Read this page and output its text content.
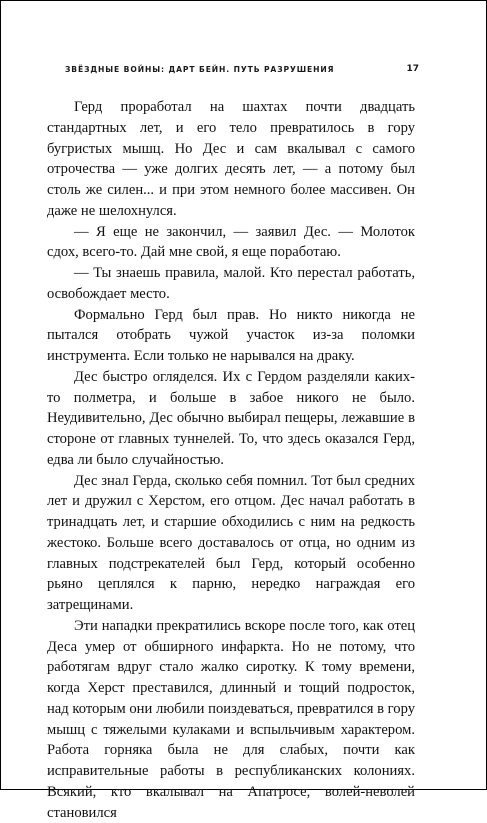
ЗВЁЗДНЫЕ ВОЙНЫ: ДАРТ БЕЙН. ПУТЬ РАЗРУШЕНИЯ	17

Герд проработал на шахтах почти двадцать стандартных лет, и его тело превратилось в гору бугристых мышц. Но Дес и сам вкалывал с самого отрочества — уже долгих десять лет, — а потому был столь же силен... и при этом немного более массивен. Он даже не шелохнулся.

— Я еще не закончил, — заявил Дес. — Молоток сдох, всего-то. Дай мне свой, я еще поработаю.

— Ты знаешь правила, малой. Кто перестал работать, освобождает место.

Формально Герд был прав. Но никто никогда не пытался отобрать чужой участок из-за поломки инструмента. Если только не нарывался на драку.

Дес быстро огляделся. Их с Гердом разделяли каких-то полметра, и больше в забое никого не было. Неудивительно, Дес обычно выбирал пещеры, лежавшие в стороне от главных туннелей. То, что здесь оказался Герд, едва ли было случайностью.

Дес знал Герда, сколько себя помнил. Тот был средних лет и дружил с Херстом, его отцом. Дес начал работать в тринадцать лет, и старшие обходились с ним на редкость жестоко. Больше всего доставалось от отца, но одним из главных подстрекателей был Герд, который особенно рьяно цеплялся к парню, нередко награждая его затрещинами.

Эти нападки прекратились вскоре после того, как отец Деса умер от обширного инфаркта. Но не потому, что работягам вдруг стало жалко сиротку. К тому времени, когда Херст преставился, длинный и тощий подросток, над которым они любили поиздеваться, превратился в гору мышц с тяжелыми кулаками и вспыльчивым характером. Работа горняка была не для слабых, почти как исправительные работы в республиканских колониях. Всякий, кто вкалывал на Апатросе, волей-неволей становился
